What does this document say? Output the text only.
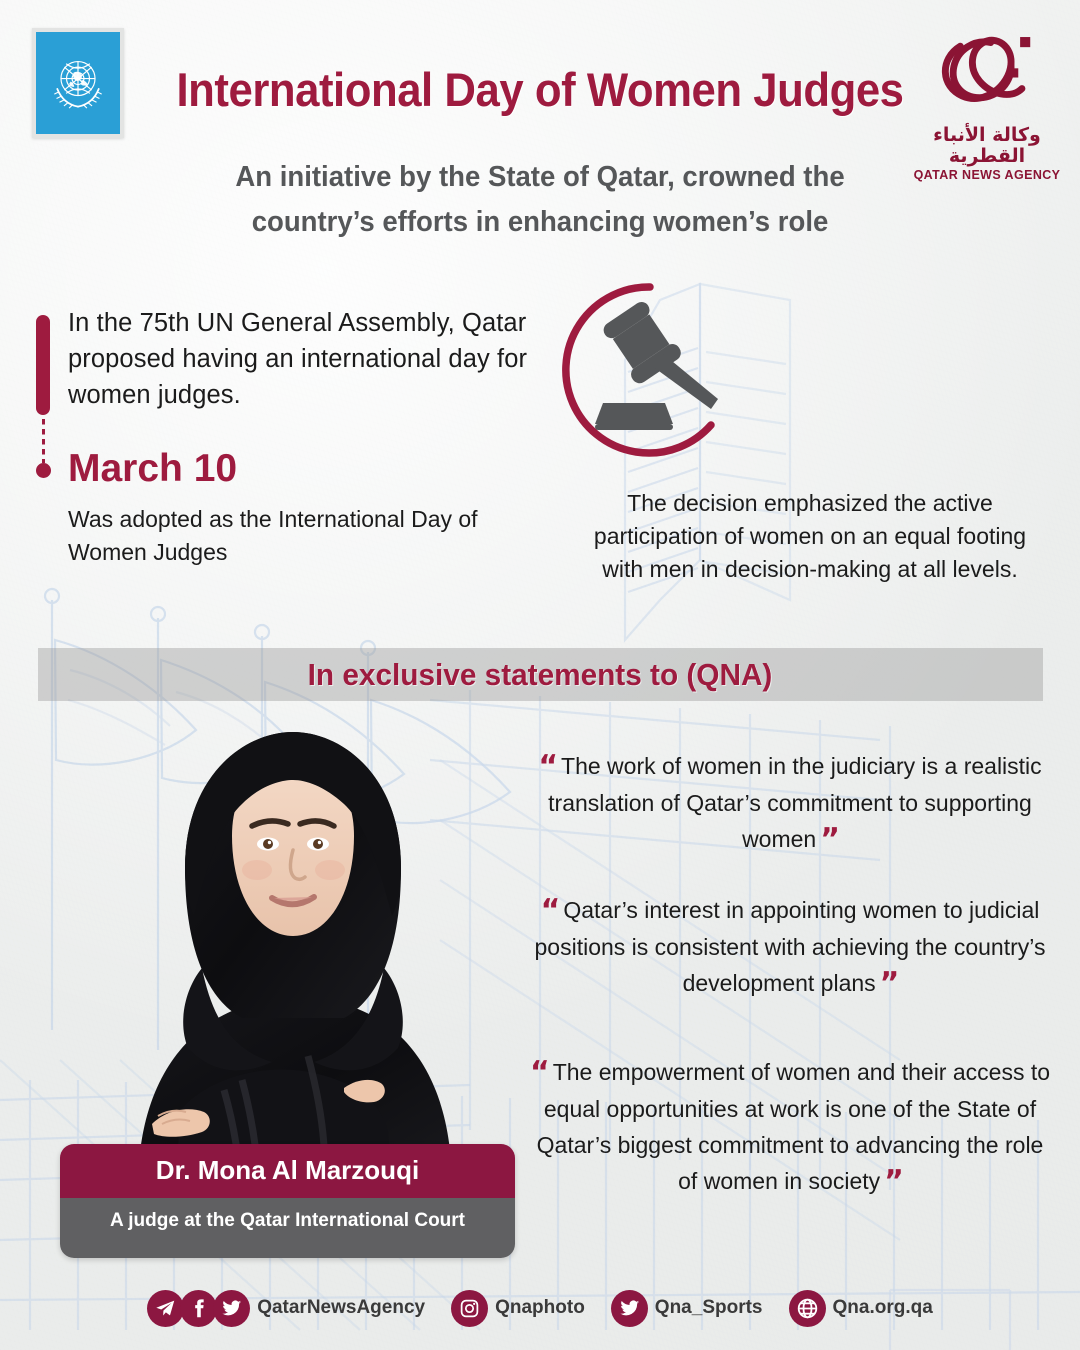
International Day of Women Judges
An initiative by the State of Qatar, crowned the
country’s efforts in enhancing women’s role
وكالة الأنباء القطرية
QATAR NEWS AGENCY
In the 75th UN General Assembly, Qatar proposed having an international day for women judges.
March 10
Was adopted as the International Day of Women Judges
The decision emphasized the active participation of women on an equal footing with men in decision-making at all levels.
In exclusive statements to (QNA)
Dr. Mona Al Marzouqi
A judge at the Qatar International Court
“ The work of women in the judiciary is a realistic translation of Qatar’s commitment to supporting women ”
“ Qatar’s interest in appointing women to judicial positions is consistent with achieving the country’s development plans ”
“ The empowerment of women and their access to equal opportunities at work is one of the State of Qatar’s biggest commitment to advancing the role of women in society ”
QatarNewsAgency	Qnaphoto	Qna_Sports	Qna.org.qa
